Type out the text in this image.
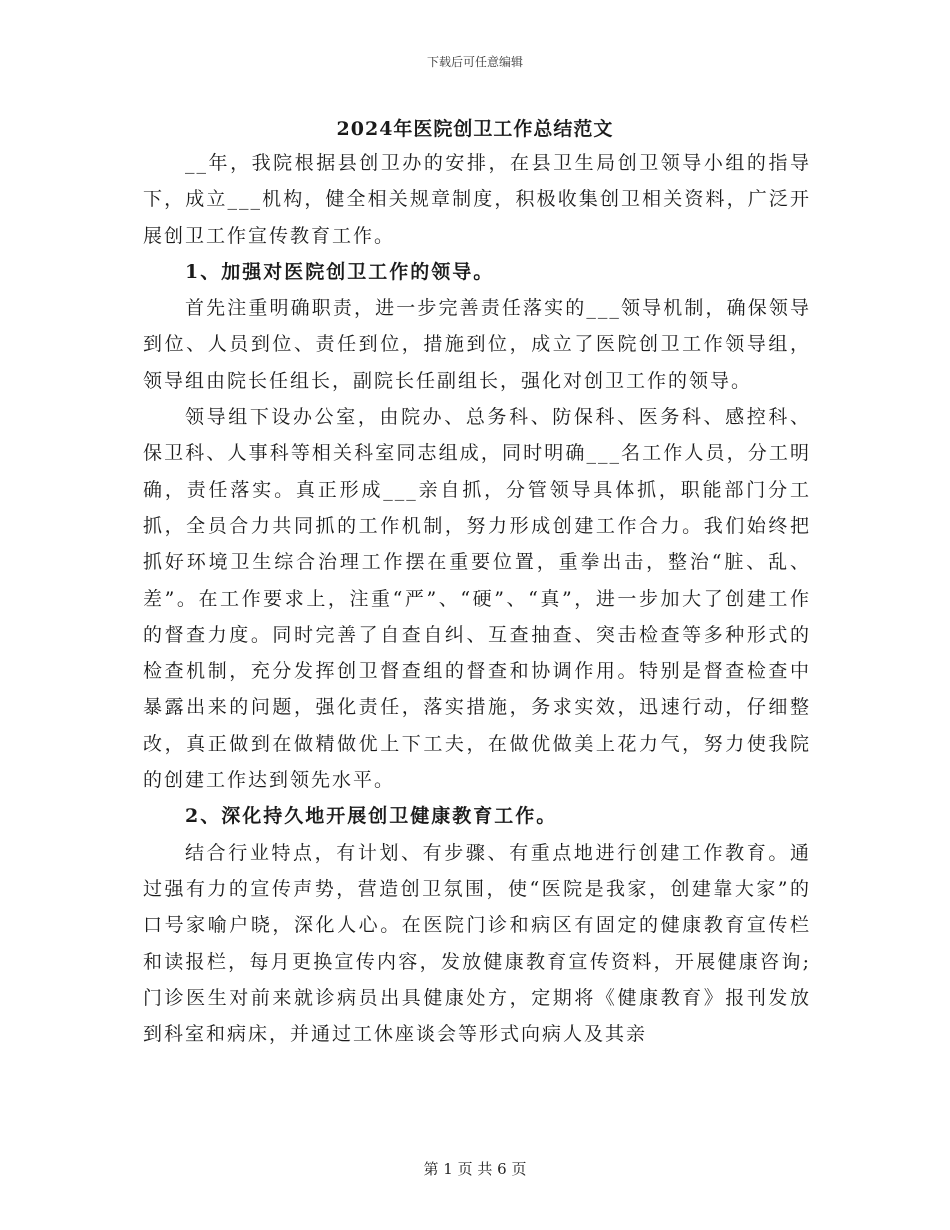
下载后可任意编辑
2024年医院创卫工作总结范文

__年，我院根据县创卫办的安排，在县卫生局创卫领导小组的指导下，成立___机构，健全相关规章制度，积极收集创卫相关资料，广泛开展创卫工作宣传教育工作。

1、加强对医院创卫工作的领导。

首先注重明确职责，进一步完善责任落实的___领导机制，确保领导到位、人员到位、责任到位，措施到位，成立了医院创卫工作领导组，领导组由院长任组长，副院长任副组长，强化对创卫工作的领导。

领导组下设办公室，由院办、总务科、防保科、医务科、感控科、保卫科、人事科等相关科室同志组成，同时明确___名工作人员，分工明确，责任落实。真正形成___亲自抓，分管领导具体抓，职能部门分工抓，全员合力共同抓的工作机制，努力形成创建工作合力。我们始终把抓好环境卫生综合治理工作摆在重要位置，重拳出击，整治“脏、乱、差”。在工作要求上，注重“严”、“硬”、“真”，进一步加大了创建工作的督查力度。同时完善了自查自纠、互查抽查、突击检查等多种形式的检查机制，充分发挥创卫督查组的督查和协调作用。特别是督查检查中暴露出来的问题，强化责任，落实措施，务求实效，迅速行动，仔细整改，真正做到在做精做优上下工夫，在做优做美上花力气，努力使我院的创建工作达到领先水平。

2、深化持久地开展创卫健康教育工作。

结合行业特点，有计划、有步骤、有重点地进行创建工作教育。通过强有力的宣传声势，营造创卫氛围，使“医院是我家，创建靠大家”的口号家喻户晓，深化人心。在医院门诊和病区有固定的健康教育宣传栏和读报栏，每月更换宣传内容，发放健康教育宣传资料，开展健康咨询;门诊医生对前来就诊病员出具健康处方，定期将《健康教育》报刊发放到科室和病床，并通过工休座谈会等形式向病人及其亲

第 1 页 共 6 页
